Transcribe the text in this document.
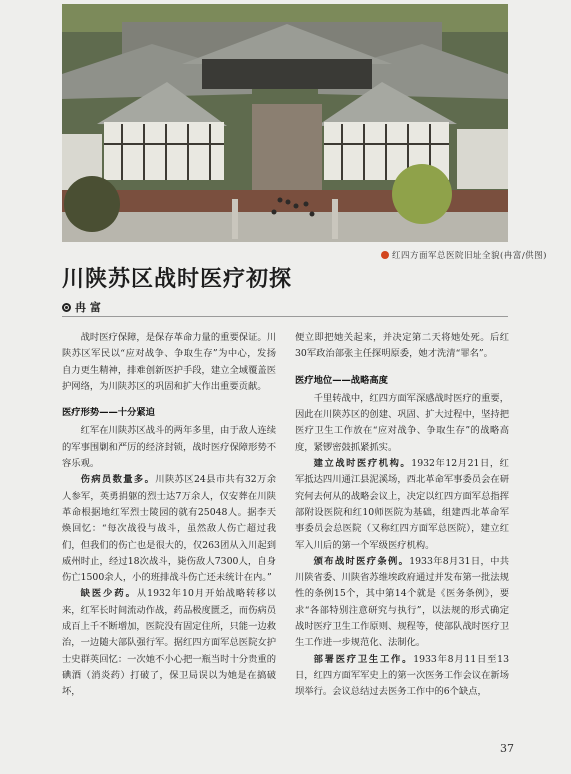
红四方面军总医院旧址全貌(冉富/供图)
川陕苏区战时医疗初探
冉 富
战时医疗保障，是保存革命力量的重要保证。川陕苏区军民以“应对战争、争取生存”为中心，发扬自力更生精神，排难创新医护手段，建立全域覆盖医护网络，为川陕苏区的巩固和扩大作出重要贡献。
医疗形势——十分紧迫
红军在川陕苏区战斗的两年多里，由于敌人连续的军事围剿和严厉的经济封锁，战时医疗保障形势不容乐观。
伤病员数量多。川陕苏区24县市共有32万余人参军，英勇捐躯的烈士达7万余人，仅安葬在川陕革命根据地红军烈士陵园的就有25048人。据李天焕回忆：“每次战役与战斗，虽然敌人伤亡超过我们，但我们的伤亡也是很大的，仅263团从入川起到威州时止，经过18次战斗，毙伤敌人7300人，自身伤亡1500余人，小的班排战斗伤亡还未统计在内。”
缺医少药。从1932年10月开始战略转移以来，红军长时间流动作战，药品极度匮乏，而伤病员成百上千不断增加，医院没有固定住所，只能一边救治，一边随大部队强行军。据红四方面军总医院女护士史群英回忆：一次她不小心把一瓶当时十分贵重的碘酒（消炎药）打破了，保卫局误以为她是在搞破坏，
便立即把她关起来，并决定第二天将她处死。后红30军政治部张主任探明原委，她才洗清“罪名”。
医疗地位——战略高度
千里转战中，红四方面军深感战时医疗的重要，因此在川陕苏区的创建、巩固、扩大过程中，坚持把医疗卫生工作放在“应对战争、争取生存”的战略高度，紧锣密鼓抓紧抓实。
建立战时医疗机构。1932年12月21日，红军抵达四川通江县泥溪场，西北革命军事委员会在研究何去何从的战略会议上，决定以红四方面军总指挥部附设医院和红10师医院为基础，组建西北革命军事委员会总医院（又称红四方面军总医院），建立红军入川后的第一个军级医疗机构。
颁布战时医疗条例。1933年8月31日，中共川陕省委、川陕省苏维埃政府通过并发布第一批法规性的条例15个，其中第14个就是《医务条例》，要求“各部特别注意研究与执行”，以法规的形式确定战时医疗卫生工作原则、规程等，使部队战时医疗卫生工作进一步规范化、法制化。
部署医疗卫生工作。1933年8月11日至13日，红四方面军军史上的第一次医务工作会议在新场坝举行。会议总结过去医务工作中的6个缺点，
37
